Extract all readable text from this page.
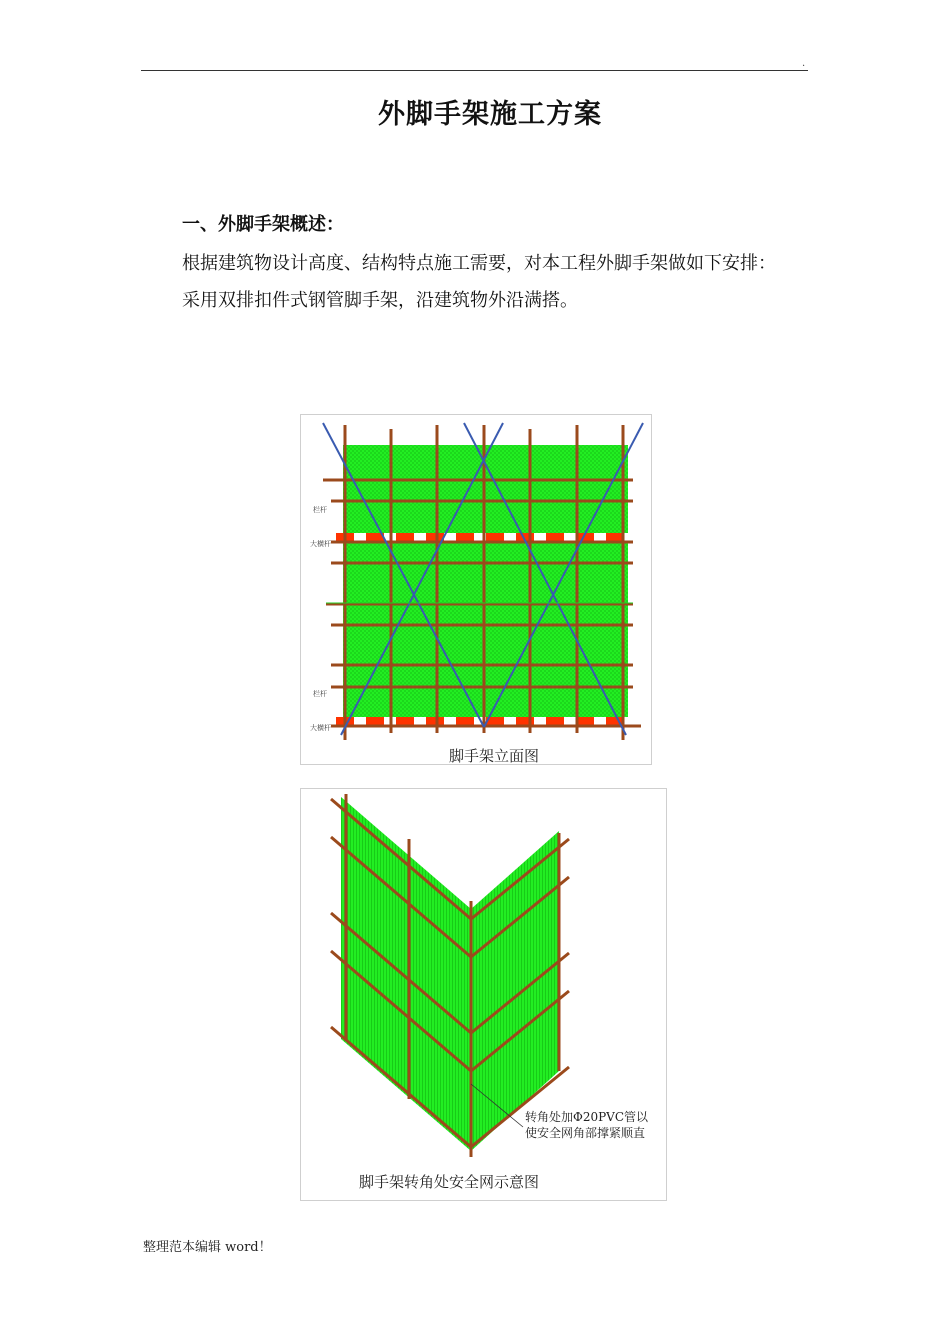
.
外脚手架施工方案
一、外脚手架概述：
根据建筑物设计高度、结构特点施工需要，对本工程外脚手架做如下安排：
采用双排扣件式钢管脚手架，沿建筑物外沿满搭。
栏杆
大横杆
栏杆
大横杆
脚手架立面图
转角处加Φ20PVC管以
使安全网角部撑紧顺直
脚手架转角处安全网示意图
整理范本编辑 word！
